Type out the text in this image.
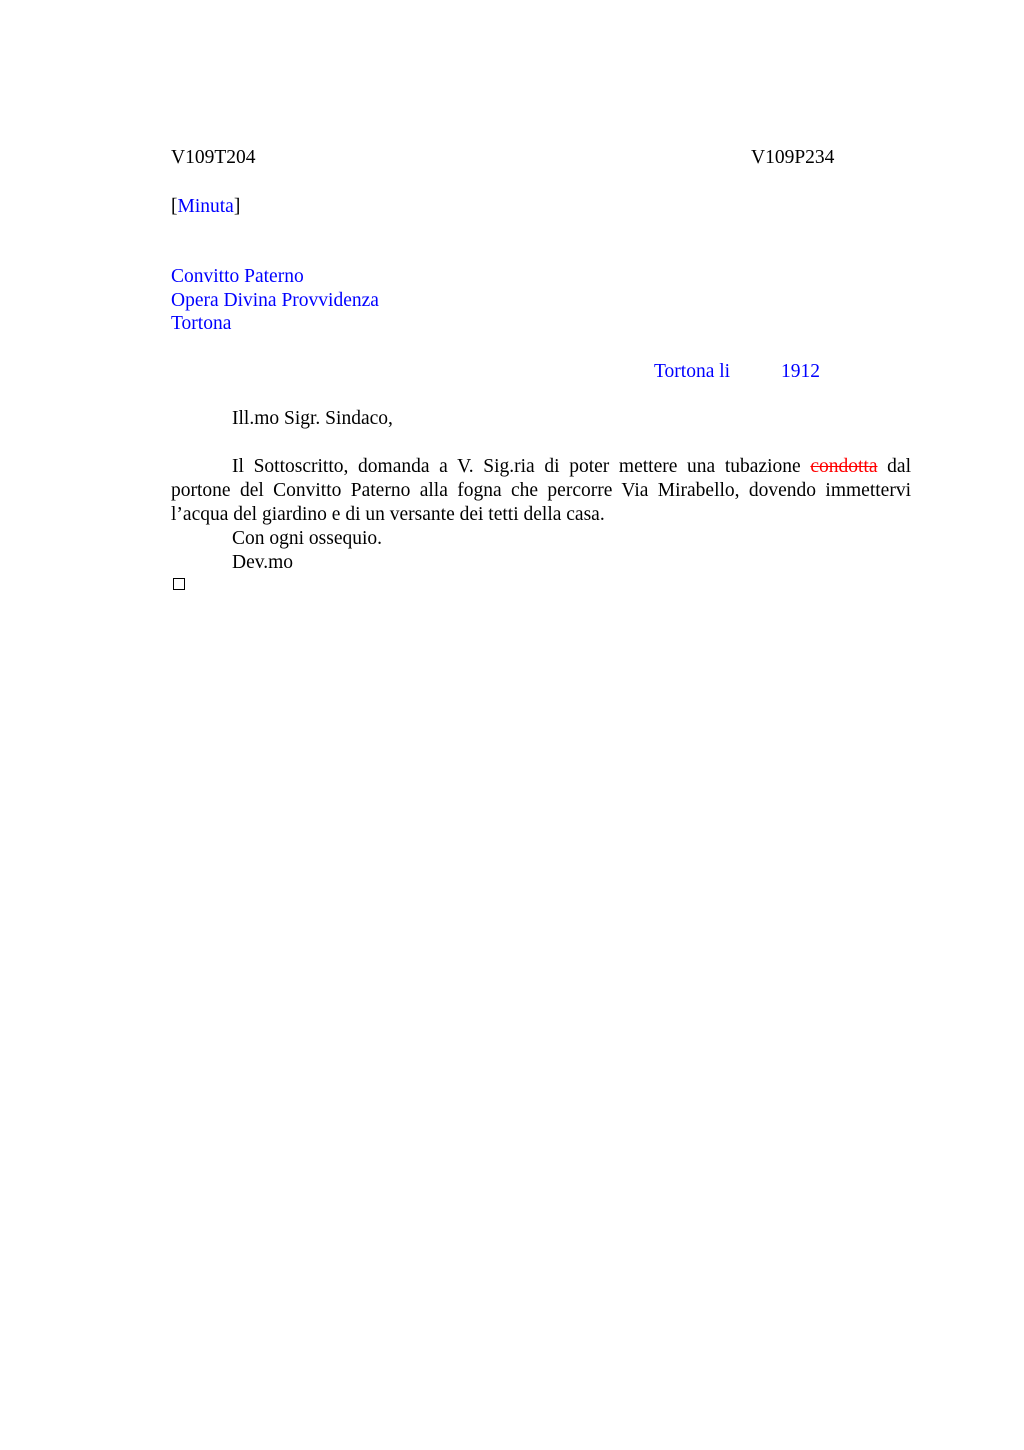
V109T204	V109P234
[Minuta]
Convitto Paterno
Opera Divina Provvidenza
Tortona
Tortona li	1912
Ill.mo Sigr. Sindaco,
Il Sottoscritto, domanda a V. Sig.ria di poter mettere una tubazione condotta dal portone del Convitto Paterno alla fogna che percorre Via Mirabello, dovendo immettervi l’acqua del giardino e di un versante dei tetti della casa.
Con ogni ossequio.
Dev.mo
